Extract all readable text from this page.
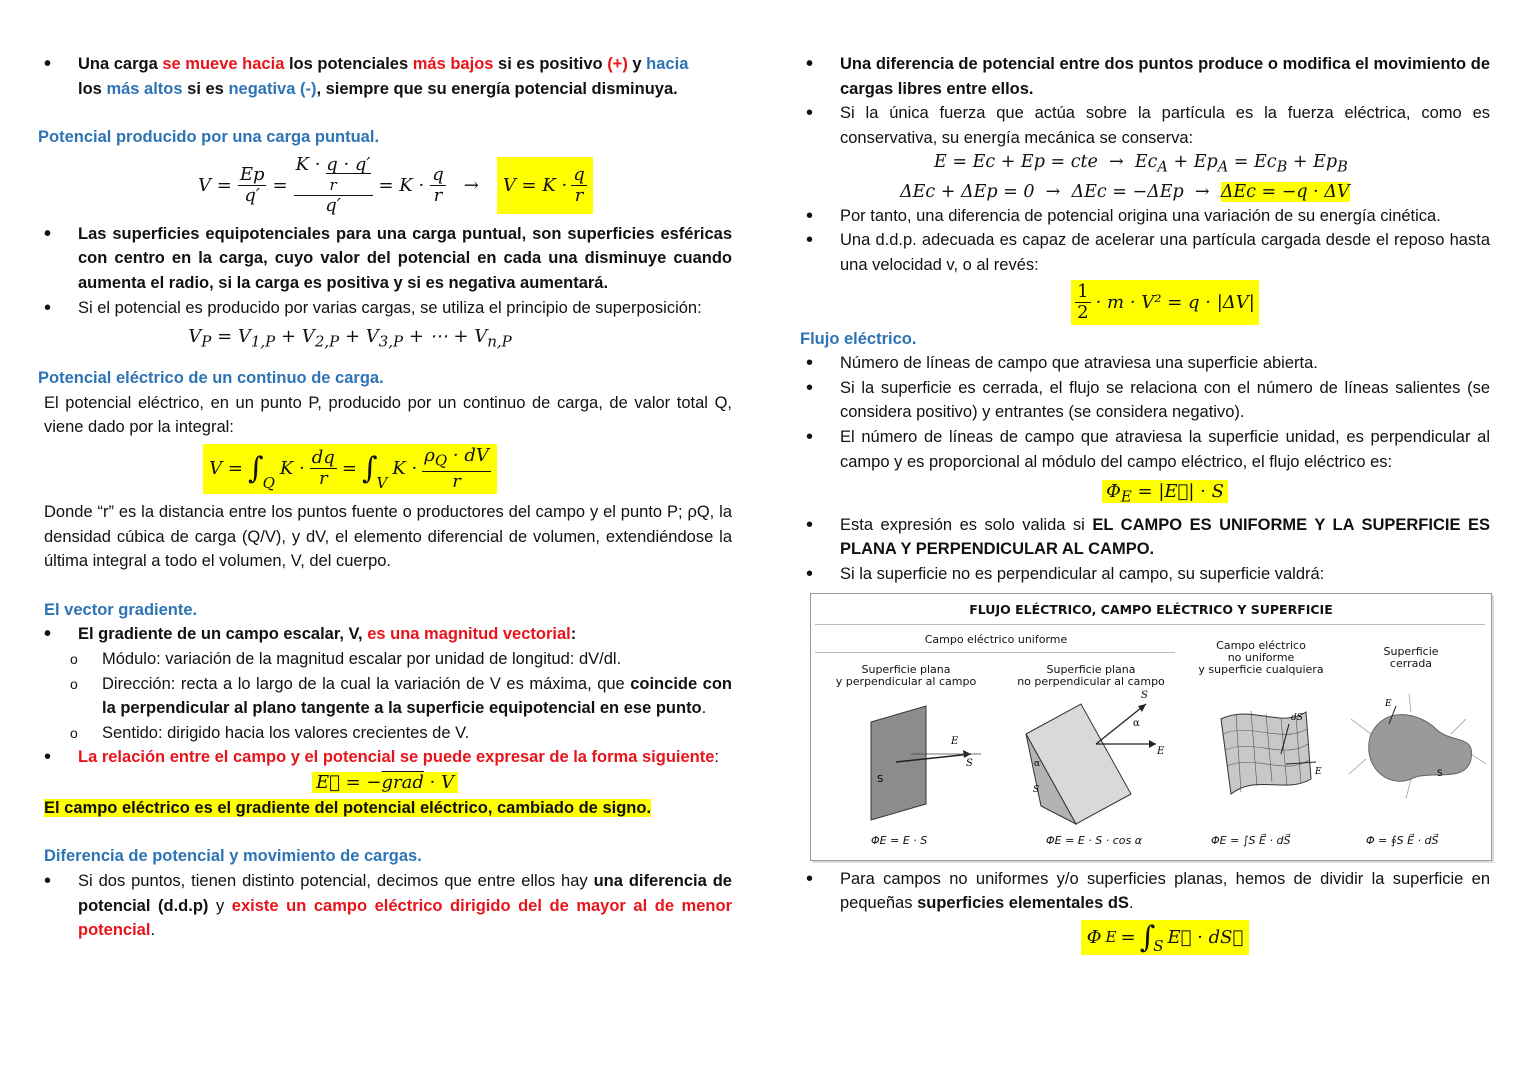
• Una carga se mueve hacia los potenciales más bajos si es positivo (+) y hacia
los más altos si es negativa (-), siempre que su energía potencial disminuya.

Potencial producido por una carga puntual.

$V = \frac{Ep}{q'}$ =
K · q · q′
r
q′
= $K \cdot \frac{q}{r}$ →	$V = K \cdot \frac{q}{r}$
• Las superficies equipotenciales para una carga puntual, son superficies esféricas con centro en la carga, cuyo valor del potencial en cada una disminuye cuando aumenta el radio, si la carga es positiva y si es negativa aumentará.
• Si el potencial es producido por varias cargas, se utiliza el principio de superposición:
$V_P = V_{1,P} + V_{2,P} + V_{3,P}$ + ⋯ + $V_{n,P}$

Potencial eléctrico de un continuo de carga.

El potencial eléctrico, en un punto P, producido por un continuo de carga, de valor total Q, viene dado por la integral:

$V = \int_Q$
$K \cdot \frac{dq}{r} = \int_V$
$K \cdot \frac{\rho_Q \cdot dV}{r}$

Donde “r” es la distancia entre los puntos fuente o productores del campo y el punto P; ρQ, la densidad cúbica de carga (Q/V), y dV, el elemento diferencial de volumen, extendiéndose la última integral a todo el volumen, V, del cuerpo.

El vector gradiente.

• El gradiente de un campo escalar, V, es una magnitud vectorial:
o Módulo: variación de la magnitud escalar por unidad de longitud: dV/dl.
o Dirección: recta a lo largo de la cual la variación de V es máxima, que coincide con la perpendicular al plano tangente a la superficie equipotencial en ese punto.
o Sentido: dirigido hacia los valores crecientes de V.
• La relación entre el campo y el potencial se puede expresar de la forma siguiente:
E⃗ = −grad · V

El campo eléctrico es el gradiente del potencial eléctrico, cambiado de signo.

Diferencia de potencial y movimiento de cargas.

• Si dos puntos, tienen distinto potencial, decimos que entre ellos hay una diferencia de potencial (d.d.p) y existe un campo eléctrico dirigido del de mayor al de menor potencial.
• Una diferencia de potencial entre dos puntos produce o modifica el movimiento de cargas libres entre ellos.
• Si la única fuerza que actúa sobre la partícula es la fuerza eléctrica, como es conservativa, su energía mecánica se conserva:
E = Ec + Ep = cte  →  $Ec_A + Ep_A = Ec_B + Ep_B$
ΔEc + ΔEp = 0  →  ΔEc = −ΔEp  → ΔEc = −q · ΔV
• Por tanto, una diferencia de potencial origina una variación de su energía cinética.
• Una d.d.p. adecuada es capaz de acelerar una partícula cargada desde el reposo hasta una velocidad v, o al revés:
$\frac{1}{2} \cdot m \cdot V^2 = q \cdot |\Delta V|$

Flujo eléctrico.

• Número de líneas de campo que atraviesa una superficie abierta.
• Si la superficie es cerrada, el flujo se relaciona con el número de líneas salientes (se considera positivo) y entrantes (se considera negativo).
• El número de líneas de campo que atraviesa la superficie unidad, es perpendicular al campo y es proporcional al módulo del campo eléctrico, el flujo eléctrico es:
$\Phi_E$ = |E⃗| · S
• Esta expresión es solo valida si EL CAMPO ES UNIFORME Y LA SUPERFICIE ES PLANA Y PERPENDICULAR AL CAMPO.
• Si la superficie no es perpendicular al campo, su superficie valdrá:
FLUJO ELÉCTRICO, CAMPO ELÉCTRICO Y SUPERFICIE
Campo eléctrico uniforme
Superficie plana
y perpendicular al campo
Superficie plana
no perpendicular al campo
Campo eléctrico
no uniforme
y superficie cualquiera
Superficie
cerrada
S
E
S
S
E
α
α
S
dS
E
E
S
ΦE = E · S	ΦE = E · S · cos α	ΦE = ∫S E⃗ · dS⃗	Φ = ∮S E⃗ · dS⃗
• Para campos no uniformes y/o superficies planas, hemos de dividir la superficie en pequeñas superficies elementales dS.
Φ E = ∫
S E⃗ · dS⃗
